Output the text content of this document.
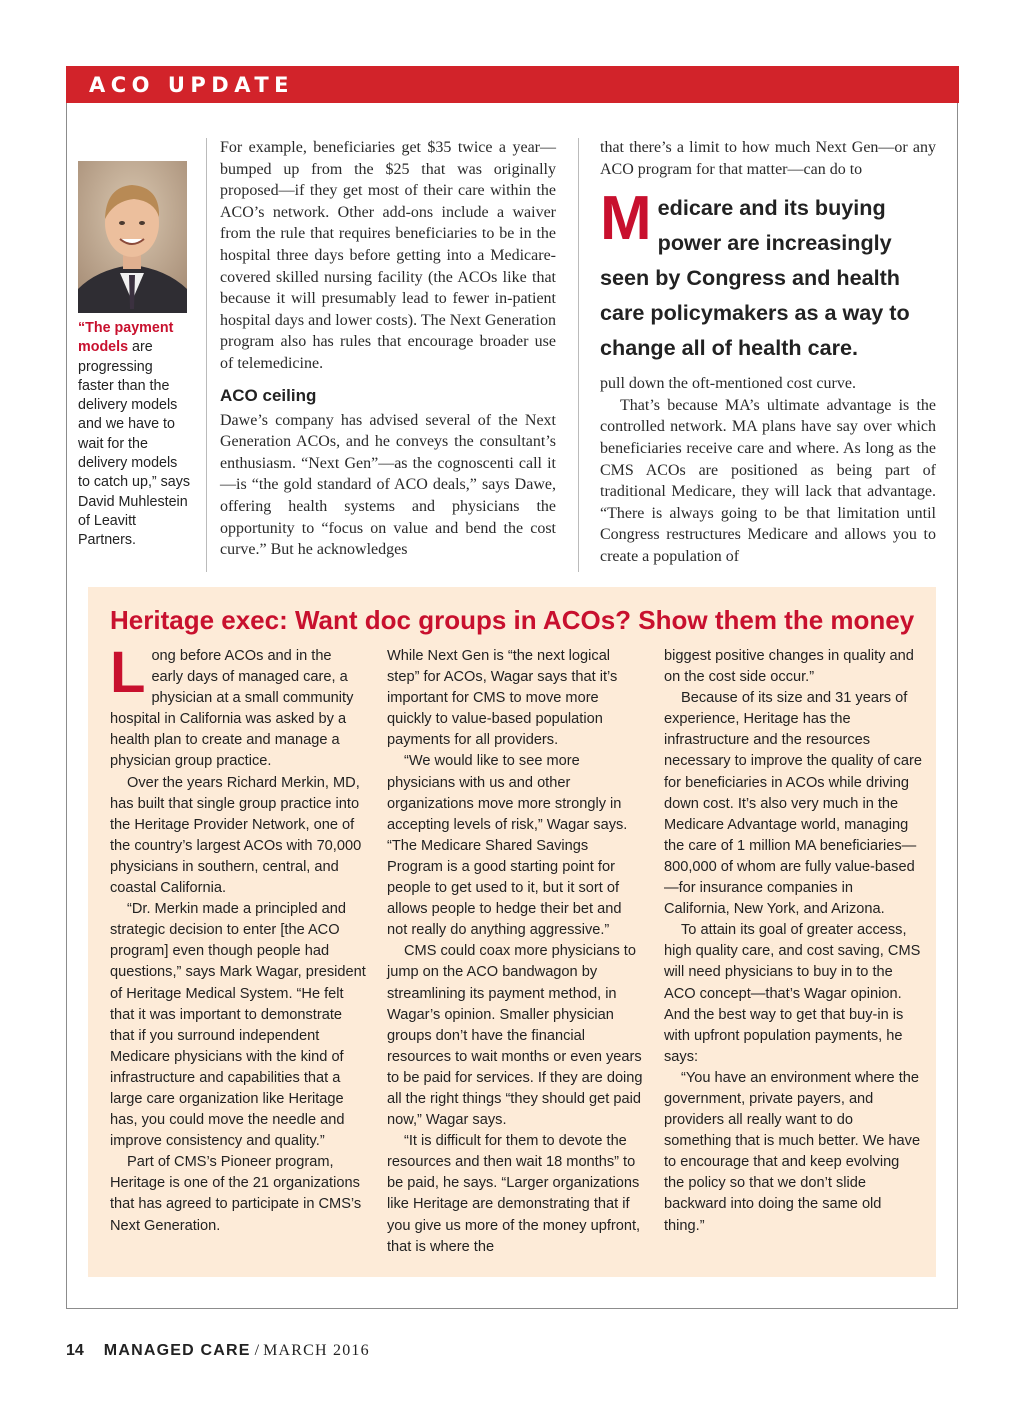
ACO UPDATE
“The payment models are progressing faster than the delivery models and we have to wait for the delivery models to catch up,” says David Muhlestein of Leavitt Partners.

For example, beneficiaries get $35 twice a year—bumped up from the $25 that was originally proposed—if they get most of their care within the ACO’s network. Other add-ons include a waiver from the rule that requires beneficiaries to be in the hospital three days before getting into a Medicare-covered skilled nursing facility (the ACOs like that because it will presumably lead to fewer in-patient hospital days and lower costs). The Next Generation program also has rules that encourage broader use of telemedicine.

ACO ceiling

Dawe’s company has advised several of the Next Generation ACOs, and he conveys the consultant’s enthusiasm. “Next Gen”—as the cognoscenti call it—is “the gold standard of ACO deals,” says Dawe, offering health systems and physicians the opportunity to “focus on value and bend the cost curve.” But he acknowledges

that there’s a limit to how much Next Gen—or any ACO program for that matter—can do to

Medicare and its buying power are increasingly seen by Congress and health care policymakers as a way to change all of health care.

pull down the oft-mentioned cost curve.

That’s because MA’s ultimate advantage is the controlled network. MA plans have say over which beneficiaries receive care and where. As long as the CMS ACOs are positioned as being part of traditional Medicare, they will lack that advantage. “There is always going to be that limitation until Congress restructures Medicare and allows you to create a population of

Heritage exec: Want doc groups in ACOs? Show them the money

Long before ACOs and in the early days of managed care, a physician at a small community hospital in California was asked by a health plan to create and manage a physician group practice.

Over the years Richard Merkin, MD, has built that single group practice into the Heritage Provider Network, one of the country’s largest ACOs with 70,000 physicians in southern, central, and coastal California.

“Dr. Merkin made a principled and strategic decision to enter [the ACO program] even though people had questions,” says Mark Wagar, president of Heritage Medical System. “He felt that it was important to demonstrate that if you surround independent Medicare physicians with the kind of infrastructure and capabilities that a large care organization like Heritage has, you could move the needle and improve consistency and quality.”

Part of CMS’s Pioneer program, Heritage is one of the 21 organizations that has agreed to participate in CMS’s Next Generation.

While Next Gen is “the next logical step” for ACOs, Wagar says that it’s important for CMS to move more quickly to value-based population payments for all providers.

“We would like to see more physicians with us and other organizations move more strongly in accepting levels of risk,” Wagar says. “The Medicare Shared Savings Program is a good starting point for people to get used to it, but it sort of allows people to hedge their bet and not really do anything aggressive.”

CMS could coax more physicians to jump on the ACO bandwagon by streamlining its payment method, in Wagar’s opinion. Smaller physician groups don’t have the financial resources to wait months or even years to be paid for services. If they are doing all the right things “they should get paid now,” Wagar says.

“It is difficult for them to devote the resources and then wait 18 months” to be paid, he says. “Larger organizations like Heritage are demonstrating that if you give us more of the money upfront, that is where the

biggest positive changes in quality and on the cost side occur.”

Because of its size and 31 years of experience, Heritage has the infrastructure and the resources necessary to improve the quality of care for beneficiaries in ACOs while driving down cost. It’s also very much in the Medicare Advantage world, managing the care of 1 million MA beneficiaries—800,000 of whom are fully value-based—for insurance companies in California, New York, and Arizona.

To attain its goal of greater access, high quality care, and cost saving, CMS will need physicians to buy in to the ACO concept—that’s Wagar opinion. And the best way to get that buy-in is with upfront population payments, he says:

“You have an environment where the government, private payers, and providers all really want to do something that is much better. We have to encourage that and keep evolving the policy so that we don’t slide backward into doing the same old thing.”

14 MANAGED CARE / MARCH 2016
